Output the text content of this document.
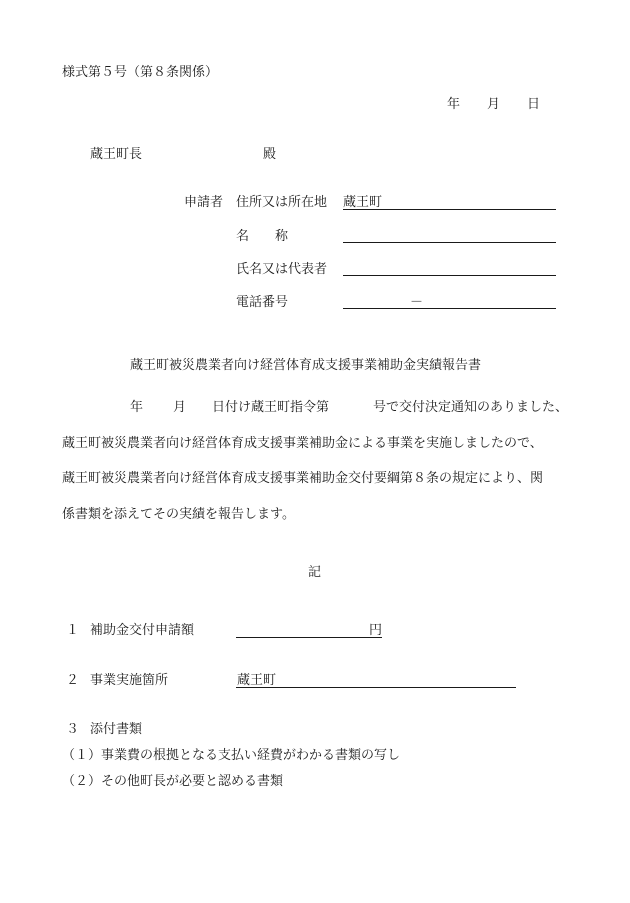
様式第５号（第８条関係）
年 月 日
蔵王町長	殿
申請者 住所又は所在地 蔵王町
名　　称
氏名又は代表者
電話番号	－
蔵王町被災農業者向け経営体育成支援事業補助金実績報告書
年 月 日付け蔵王町指令第	号で交付決定通知のありました、
蔵王町被災農業者向け経営体育成支援事業補助金による事業を実施しましたので、
蔵王町被災農業者向け経営体育成支援事業補助金交付要綱第８条の規定により、関
係書類を添えてその実績を報告します。
記
１ 補助金交付申請額	円
２ 事業実施箇所	蔵王町
３ 添付書類
（１）事業費の根拠となる支払い経費がわかる書類の写し
（２）その他町長が必要と認める書類
